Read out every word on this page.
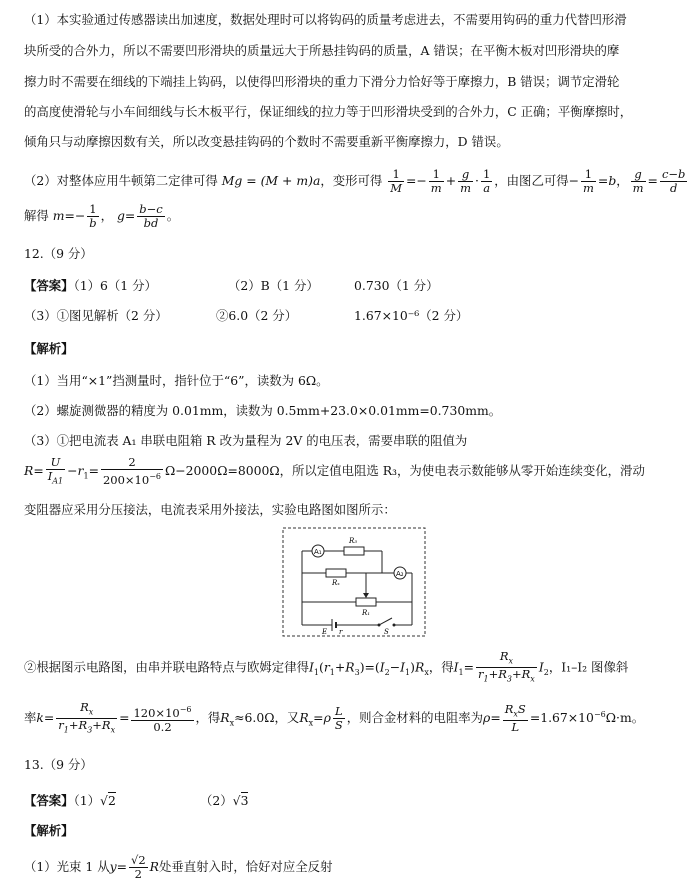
（1）本实验通过传感器读出加速度，数据处理时可以将钩码的质量考虑进去，不需要用钩码的重力代替凹形滑
块所受的合外力，所以不需要凹形滑块的质量远大于所悬挂钩码的质量，A 错误；在平衡木板对凹形滑块的摩
擦力时不需要在细线的下端挂上钩码，以使得凹形滑块的重力下滑分力恰好等于摩擦力，B 错误；调节定滑轮
的高度使滑轮与小车间细线与长木板平行，保证细线的拉力等于凹形滑块受到的合外力，C 正确；平衡摩擦时，
倾角只与动摩擦因数有关，所以改变悬挂钩码的个数时不需要重新平衡摩擦力，D 错误。
（2）对整体应用牛顿第二定律可得 Mg = (M + m)a，变形可得 $\frac{1}{M} =- \frac{1}{m} + \frac{g}{m} \cdot \frac{1}{a}$ ，由图乙可得− $\frac{1}{m} =b$， $\frac{g}{m} = \frac{c-b}{d}$
解得 $m=- \frac{1}{b}$ ， $g= \frac{b-c}{bd}$ 。
12.（9 分）
【答案】（1）6（1 分）	（2）B（1 分）	0.730（1 分）
（3）①图见解析（2 分）	②6.0（2 分）	1.67×10⁻⁶（2 分）
【解析】
（1）当用“×1”挡测量时，指针位于“6”，读数为 6Ω。
（2）螺旋测微器的精度为 0.01mm，读数为 0.5mm+23.0×0.01mm=0.730mm。
（3）①把电流表 A₁ 串联电阻箱 R 改为量程为 2V 的电压表，需要串联的阻值为
$R= \frac{U}{I_{A1}} -r_1= \frac{2}{200\times 10^{-6}} \Omega-2000\Omega=8000\Omega$，所以定值电阻选 R₃，为使电表示数能够从零开始连续变化，滑动
变阻器应采用分压接法，电流表采用外接法，实验电路图如图所示：
A₁
R₃
Rₓ
A₂
R₁
E r	S
②根据图示电路图，由串并联电路特点与欧姆定律得$I_1(r_1+R_3)=(I_2-I_1)R_x$，得$I_1= \frac{R_x}{r_1+R_3+R_x} I_2$，I₁–I₂ 图像斜
率$k= \frac{R_x}{r_1+R_3+R_x} = \frac{120\times 10^{-6}}{0.2}$ ，得$R_x\approx 6.0\Omega$，又$R_x=\rho \frac{L}{S}$ ，则合金材料的电阻率为$\rho= \frac{R_xS}{L} =1.67\times 10^{-6}\Omega\cdot m$。
13.（9 分）
【答案】（1）√2	（2）√3
【解析】
（1）光束 1 从$y= \frac{√2}{2}$ R处垂直射入时，恰好对应全反射
